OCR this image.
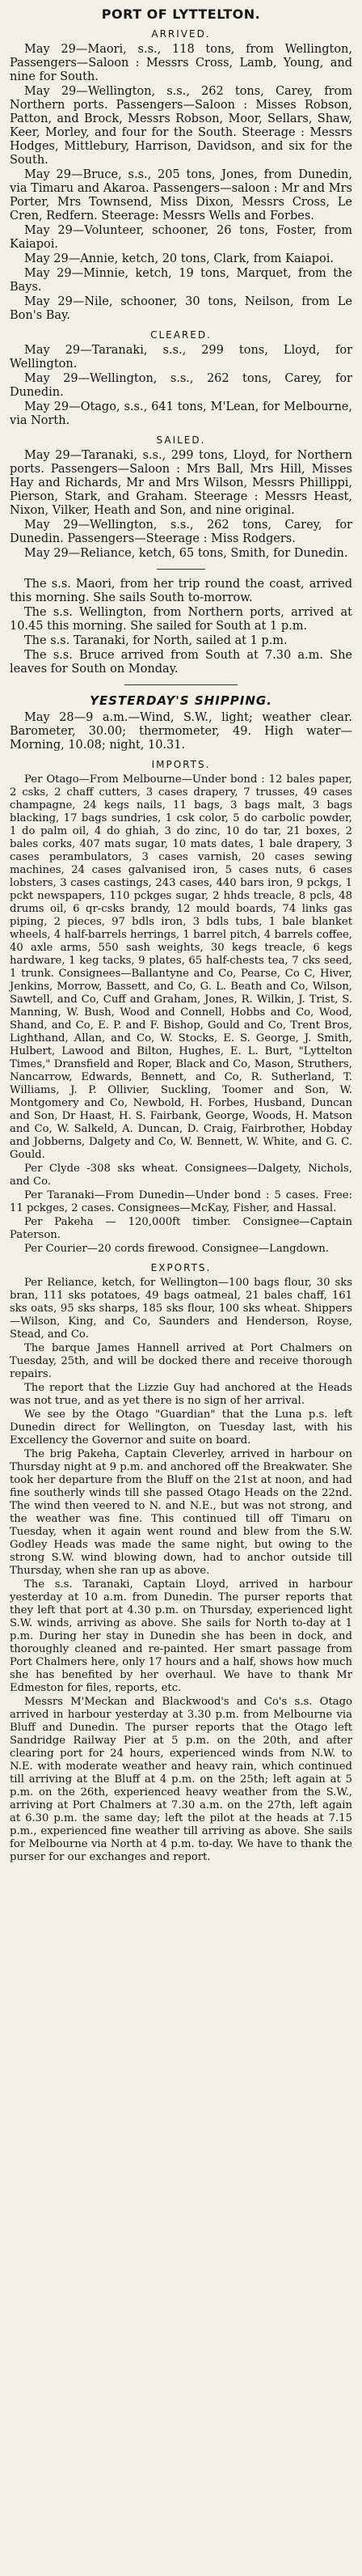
PORT OF LYTTELTON.
ARRIVED.

May 29—Maori, s.s., 118 tons, from Wellington, Passengers—Saloon : Messrs Cross, Lamb, Young, and nine for South.

May 29—Wellington, s.s., 262 tons, Carey, from Northern ports. Passengers—Saloon : Misses Robson, Patton, and Brock, Messrs Robson, Moor, Sellars, Shaw, Keer, Morley, and four for the South. Steerage : Messrs Hodges, Mittlebury, Harrison, Davidson, and six for the South.

May 29—Bruce, s.s., 205 tons, Jones, from Dunedin, via Timaru and Akaroa. Passengers—saloon : Mr and Mrs Porter, Mrs Townsend, Miss Dixon, Messrs Cross, Le Cren, Redfern. Steerage: Messrs Wells and Forbes.

May 29—Volunteer, schooner, 26 tons, Foster, from Kaiapoi.

May 29—Annie, ketch, 20 tons, Clark, from Kaiapoi.

May 29—Minnie, ketch, 19 tons, Marquet, from the Bays.

May 29—Nile, schooner, 30 tons, Neilson, from Le Bon's Bay.

CLEARED.

May 29—Taranaki, s.s., 299 tons, Lloyd, for Wellington.

May 29—Wellington, s.s., 262 tons, Carey, for Dunedin.

May 29—Otago, s.s., 641 tons, M'Lean, for Melbourne, via North.

SAILED.

May 29—Taranaki, s.s., 299 tons, Lloyd, for Northern ports. Passengers—Saloon : Mrs Ball, Mrs Hill, Misses Hay and Richards, Mr and Mrs Wilson, Messrs Phillippi, Pierson, Stark, and Graham. Steerage : Messrs Heast, Nixon, Vilker, Heath and Son, and nine original.

May 29—Wellington, s.s., 262 tons, Carey, for Dunedin. Passengers—Steerage : Miss Rodgers.

May 29—Reliance, ketch, 65 tons, Smith, for Dunedin.

The s.s. Maori, from her trip round the coast, arrived this morning. She sails South to-morrow.

The s.s. Wellington, from Northern ports, arrived at 10.45 this morning. She sailed for South at 1 p.m.

The s.s. Taranaki, for North, sailed at 1 p.m.

The s.s. Bruce arrived from South at 7.30 a.m. She leaves for South on Monday.

YESTERDAY'S SHIPPING.

May 28—9 a.m.—Wind, S.W., light; weather clear. Barometer, 30.00; thermometer, 49. High water—Morning, 10.08; night, 10.31.

IMPORTS.

Per Otago—From Melbourne—Under bond : 12 bales paper, 2 csks, 2 chaff cutters, 3 cases drapery, 7 trusses, 49 cases champagne, 24 kegs nails, 11 bags, 3 bags malt, 3 bags blacking, 17 bags sundries, 1 csk color, 5 do carbolic powder, 1 do palm oil, 4 do ghiah, 3 do zinc, 10 do tar, 21 boxes, 2 bales corks, 407 mats sugar, 10 mats dates, 1 bale drapery, 3 cases perambulators, 3 cases varnish, 20 cases sewing machines, 24 cases galvanised iron, 5 cases nuts, 6 cases lobsters, 3 cases castings, 243 cases, 440 bars iron, 9 pckgs, 1 pckt newspapers, 110 pckges sugar, 2 hhds treacle, 8 pcls, 48 drums oil, 6 qr-csks brandy, 12 mould boards, 74 links gas piping, 2 pieces, 97 bdls iron, 3 bdls tubs, 1 bale blanket wheels, 4 half-barrels herrings, 1 barrel pitch, 4 barrels coffee, 40 axle arms, 550 sash weights, 30 kegs treacle, 6 kegs hardware, 1 keg tacks, 9 plates, 65 half-chests tea, 7 cks seed, 1 trunk. Consignees—Ballantyne and Co, Pearse, Co C, Hiver, Jenkins, Morrow, Bassett, and Co, G. L. Beath and Co, Wilson, Sawtell, and Co, Cuff and Graham, Jones, R. Wilkin, J. Trist, S. Manning, W. Bush, Wood and Connell, Hobbs and Co, Wood, Shand, and Co, E. P. and F. Bishop, Gould and Co, Trent Bros, Lighthand, Allan, and Co, W. Stocks, E. S. George, J. Smith, Hulbert, Lawood and Bilton, Hughes, E. L. Burt, "Lyttelton Times," Dransfield and Roper, Black and Co, Mason, Struthers, Nancarrow, Edwards, Bennett, and Co, R. Sutherland, T. Williams, J. P. Ollivier, Suckling, Toomer and Son, W. Montgomery and Co, Newbold, H. Forbes, Husband, Duncan and Son, Dr Haast, H. S. Fairbank, George, Woods, H. Matson and Co, W. Salkeld, A. Duncan, D. Craig, Fairbrother, Hobday and Jobberns, Dalgety and Co, W. Bennett, W. White, and G. C. Gould.

Per Clyde -308 sks wheat. Consignees—Dalgety, Nichols, and Co.

Per Taranaki—From Dunedin—Under bond : 5 cases. Free: 11 pckges, 2 cases. Consignees—McKay, Fisher, and Hassal.

Per Pakeha — 120,000ft timber. Consignee—Captain Paterson.

Per Courier—20 cords firewood. Consignee—Langdown.

EXPORTS.

Per Reliance, ketch, for Wellington—100 bags flour, 30 sks bran, 111 sks potatoes, 49 bags oatmeal, 21 bales chaff, 161 sks oats, 95 sks sharps, 185 sks flour, 100 sks wheat. Shippers—Wilson, King, and Co, Saunders and Henderson, Royse, Stead, and Co.

The barque James Hannell arrived at Port Chalmers on Tuesday, 25th, and will be docked there and receive thorough repairs.

The report that the Lizzie Guy had anchored at the Heads was not true, and as yet there is no sign of her arrival.

We see by the Otago "Guardian" that the Luna p.s. left Dunedin direct for Wellington, on Tuesday last, with his Excellency the Governor and suite on board.

The brig Pakeha, Captain Cleverley, arrived in harbour on Thursday night at 9 p.m. and anchored off the Breakwater. She took her departure from the Bluff on the 21st at noon, and had fine southerly winds till she passed Otago Heads on the 22nd. The wind then veered to N. and N.E., but was not strong, and the weather was fine. This continued till off Timaru on Tuesday, when it again went round and blew from the S.W. Godley Heads was made the same night, but owing to the strong S.W. wind blowing down, had to anchor outside till Thursday, when she ran up as above.

The s.s. Taranaki, Captain Lloyd, arrived in harbour yesterday at 10 a.m. from Dunedin. The purser reports that they left that port at 4.30 p.m. on Thursday, experienced light S.W. winds, arriving as above. She sails for North to-day at 1 p.m. During her stay in Dunedin she has been in dock, and thoroughly cleaned and re-painted. Her smart passage from Port Chalmers here, only 17 hours and a half, shows how much she has benefited by her overhaul. We have to thank Mr Edmeston for files, reports, etc.

Messrs M'Meckan and Blackwood's and Co's s.s. Otago arrived in harbour yesterday at 3.30 p.m. from Melbourne via Bluff and Dunedin. The purser reports that the Otago left Sandridge Railway Pier at 5 p.m. on the 20th, and after clearing port for 24 hours, experienced winds from N.W. to N.E. with moderate weather and heavy rain, which continued till arriving at the Bluff at 4 p.m. on the 25th; left again at 5 p.m. on the 26th, experienced heavy weather from the S.W., arriving at Port Chalmers at 7.30 a.m. on the 27th, left again at 6.30 p.m. the same day; left the pilot at the heads at 7.15 p.m., experienced fine weather till arriving as above. She sails for Melbourne via North at 4 p.m. to-day. We have to thank the purser for our exchanges and report.
